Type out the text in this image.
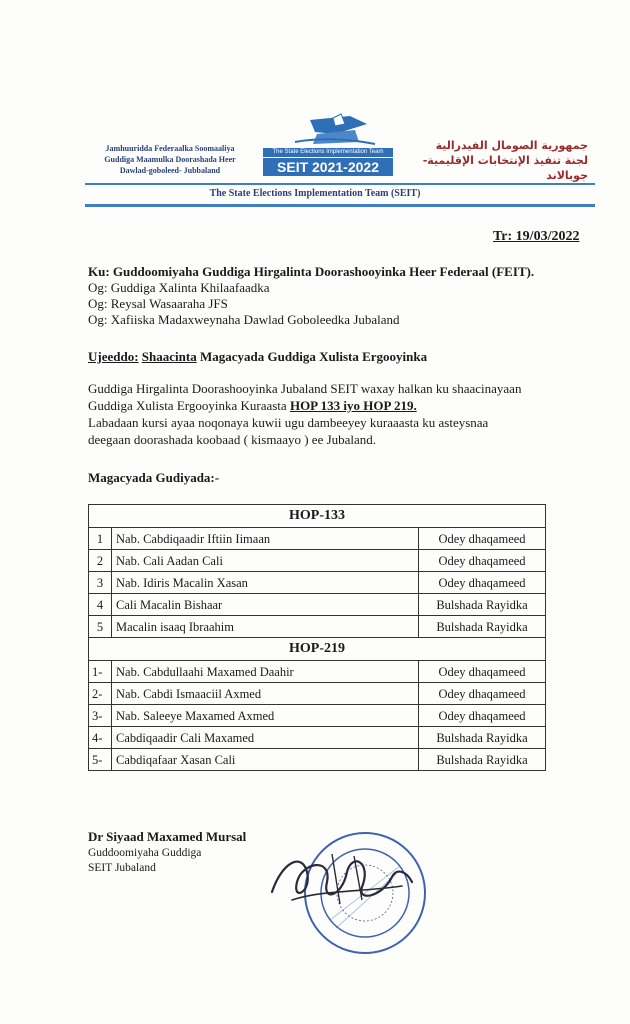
Jamhuuridda Federaalka Soomaaliya
Guddiga Maamulka Doorashada Heer
Dawlad-goboleed- Jubbaland
The State Elections Implementation Team
SEIT 2021-2022
جمهورية الصومال الفيدرالية
لجنة تنفيذ الإنتخابات الإقليمية- جوبالاند
The State Elections Implementation Team (SEIT)
Tr: 19/03/2022
Ku: Guddoomiyaha Guddiga Hirgalinta Doorashooyinka Heer Federaal (FEIT).
Og: Guddiga Xalinta Khilaafaadka
Og: Reysal Wasaaraha JFS
Og: Xafiiska Madaxweynaha Dawlad Goboleedka Jubaland
Ujeeddo: Shaacinta Magacyada Guddiga Xulista Ergooyinka
Guddiga Hirgalinta Doorashooyinka Jubaland SEIT waxay halkan ku shaacinayaan
Guddiga Xulista Ergooyinka Kuraasta HOP 133 iyo HOP 219.
Labadaan kursi ayaa noqonaya kuwii ugu dambeeyey kuraaasta ku asteysnaa
deegaan doorashada koobaad ( kismaayo ) ee Jubaland.
Magacyada Gudiyada:-
HOP-133		
1	Nab. Cabdiqaadir Iftiin Iimaan	Odey dhaqameed
2	Nab. Cali Aadan Cali	Odey dhaqameed
3	Nab. Idiris Macalin Xasan	Odey dhaqameed
4	Cali Macalin Bishaar	Bulshada Rayidka
5	Macalin isaaq Ibraahim	Bulshada Rayidka
HOP-219		
1-	Nab. Cabdullaahi Maxamed Daahir	Odey dhaqameed
2-	Nab. Cabdi Ismaaciil Axmed	Odey dhaqameed
3-	Nab. Saleeye Maxamed Axmed	Odey dhaqameed
4-	Cabdiqaadir Cali Maxamed	Bulshada Rayidka
5-	Cabdiqafaar Xasan Cali	Bulshada Rayidka
Dr Siyaad Maxamed Mursal
Guddoomiyaha Guddiga
SEIT Jubaland
